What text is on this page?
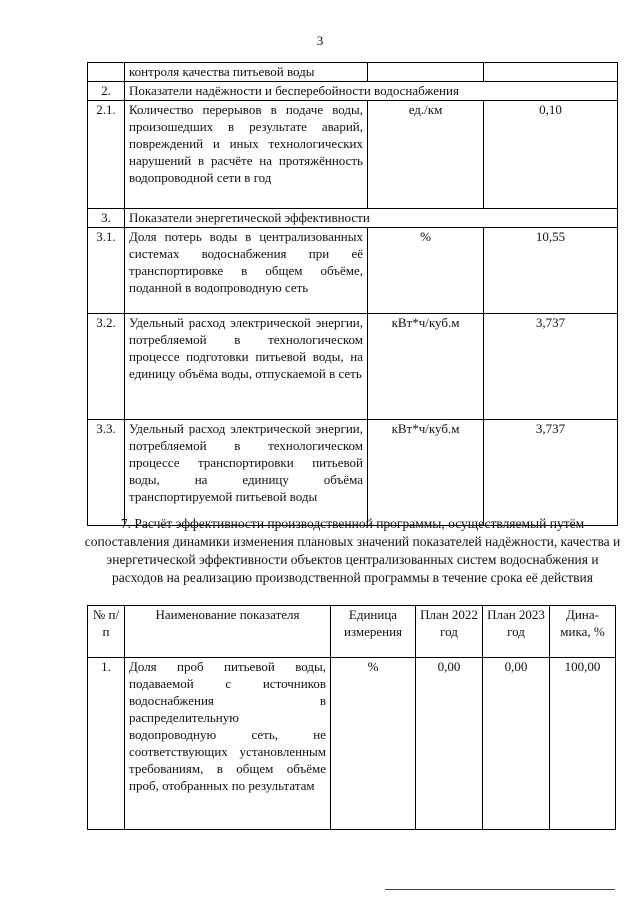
3
	контроля качества питьевой воды		
2.	Показатели надёжности и бесперебойности водоснабжения		
2.1.	Количество перерывов в подаче воды, произошедших в результате аварий, повреждений и иных технологических нарушений в расчёте на протяжённость водопроводной сети в год	ед./км	0,10
3.	Показатели энергетической эффективности		
3.1.	Доля потерь воды в централизованных системах водоснабжения при её транспортировке в общем объёме, поданной в водопроводную сеть	%	10,55
3.2.	Удельный расход электрической энергии, потребляемой в технологическом процессе подготовки питьевой воды, на единицу объёма воды, отпускаемой в сеть	кВт*ч/куб.м	3,737
3.3.	Удельный расход электрической энергии, потребляемой в технологическом процессе транспортировки питьевой воды, на единицу объёма транспортируемой питьевой воды	кВт*ч/куб.м	3,737
7. Расчёт эффективности производственной программы, осуществляемый путём сопоставления динамики изменения плановых значений показателей надёжности, качества и энергетической эффективности объектов централизованных систем водоснабжения и расходов на реализацию производственной программы в течение срока её действия
№ п/п	Наименование показателя	Единица измерения	План 2022 год	План 2023 год	Дина-мика, %
1.	Доля проб питьевой воды, подаваемой с источников водоснабжения в распределительную водопроводную сеть, не соответствующих установленным требованиям, в общем объёме проб, отобранных по результатам	%	0,00	0,00	100,00
